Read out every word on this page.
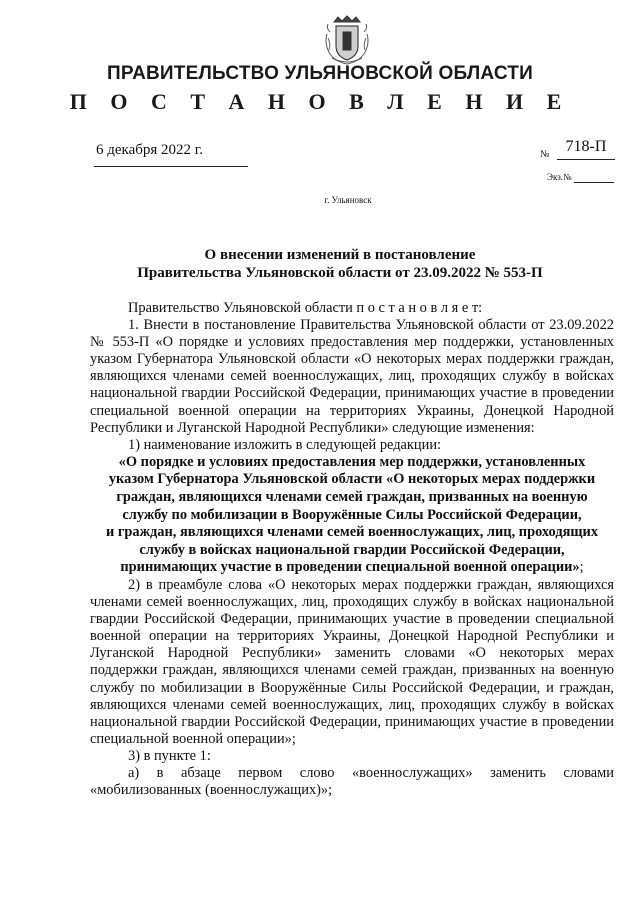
ПРАВИТЕЛЬСТВО УЛЬЯНОВСКОЙ ОБЛАСТИ
П О С Т А Н О В Л Е Н И Е
6 декабря 2022 г.	№	718-П
Экз.№
г. Ульяновск
О внесении изменений в постановление
Правительства Ульяновской области от 23.09.2022 № 553-П

Правительство Ульяновской области п о с т а н о в л я е т:

1. Внести в постановление Правительства Ульяновской области от 23.09.2022 № 553-П «О порядке и условиях предоставления мер поддержки, установленных указом Губернатора Ульяновской области «О некоторых мерах поддержки граждан, являющихся членами семей военнослужащих, лиц, проходящих службу в войсках национальной гвардии Российской Федерации, принимающих участие в проведении специальной военной операции на территориях Украины, Донецкой Народной Республики и Луганской Народной Республики» следующие изменения:

1) наименование изложить в следующей редакции:

«О порядке и условиях предоставления мер поддержки, установленных
указом Губернатора Ульяновской области «О некоторых мерах поддержки
граждан, являющихся членами семей граждан, призванных на военную
службу по мобилизации в Вооружённые Силы Российской Федерации,
и граждан, являющихся членами семей военнослужащих, лиц, проходящих
службу в войсках национальной гвардии Российской Федерации,
принимающих участие в проведении специальной военной операции»;

2) в преамбуле слова «О некоторых мерах поддержки граждан, являющихся членами семей военнослужащих, лиц, проходящих службу в войсках национальной гвардии Российской Федерации, принимающих участие в проведении специальной военной операции на территориях Украины, Донецкой Народной Республики и Луганской Народной Республики» заменить словами «О некоторых мерах поддержки граждан, являющихся членами семей граждан, призванных на военную службу по мобилизации в Вооружённые Силы Российской Федерации, и граждан, являющихся членами семей военнослужащих, лиц, проходящих службу в войсках национальной гвардии Российской Федерации, принимающих участие в проведении специальной военной операции»;

3) в пункте 1:

а) в абзаце первом слово «военнослужащих» заменить словами «мобилизованных (военнослужащих)»;
